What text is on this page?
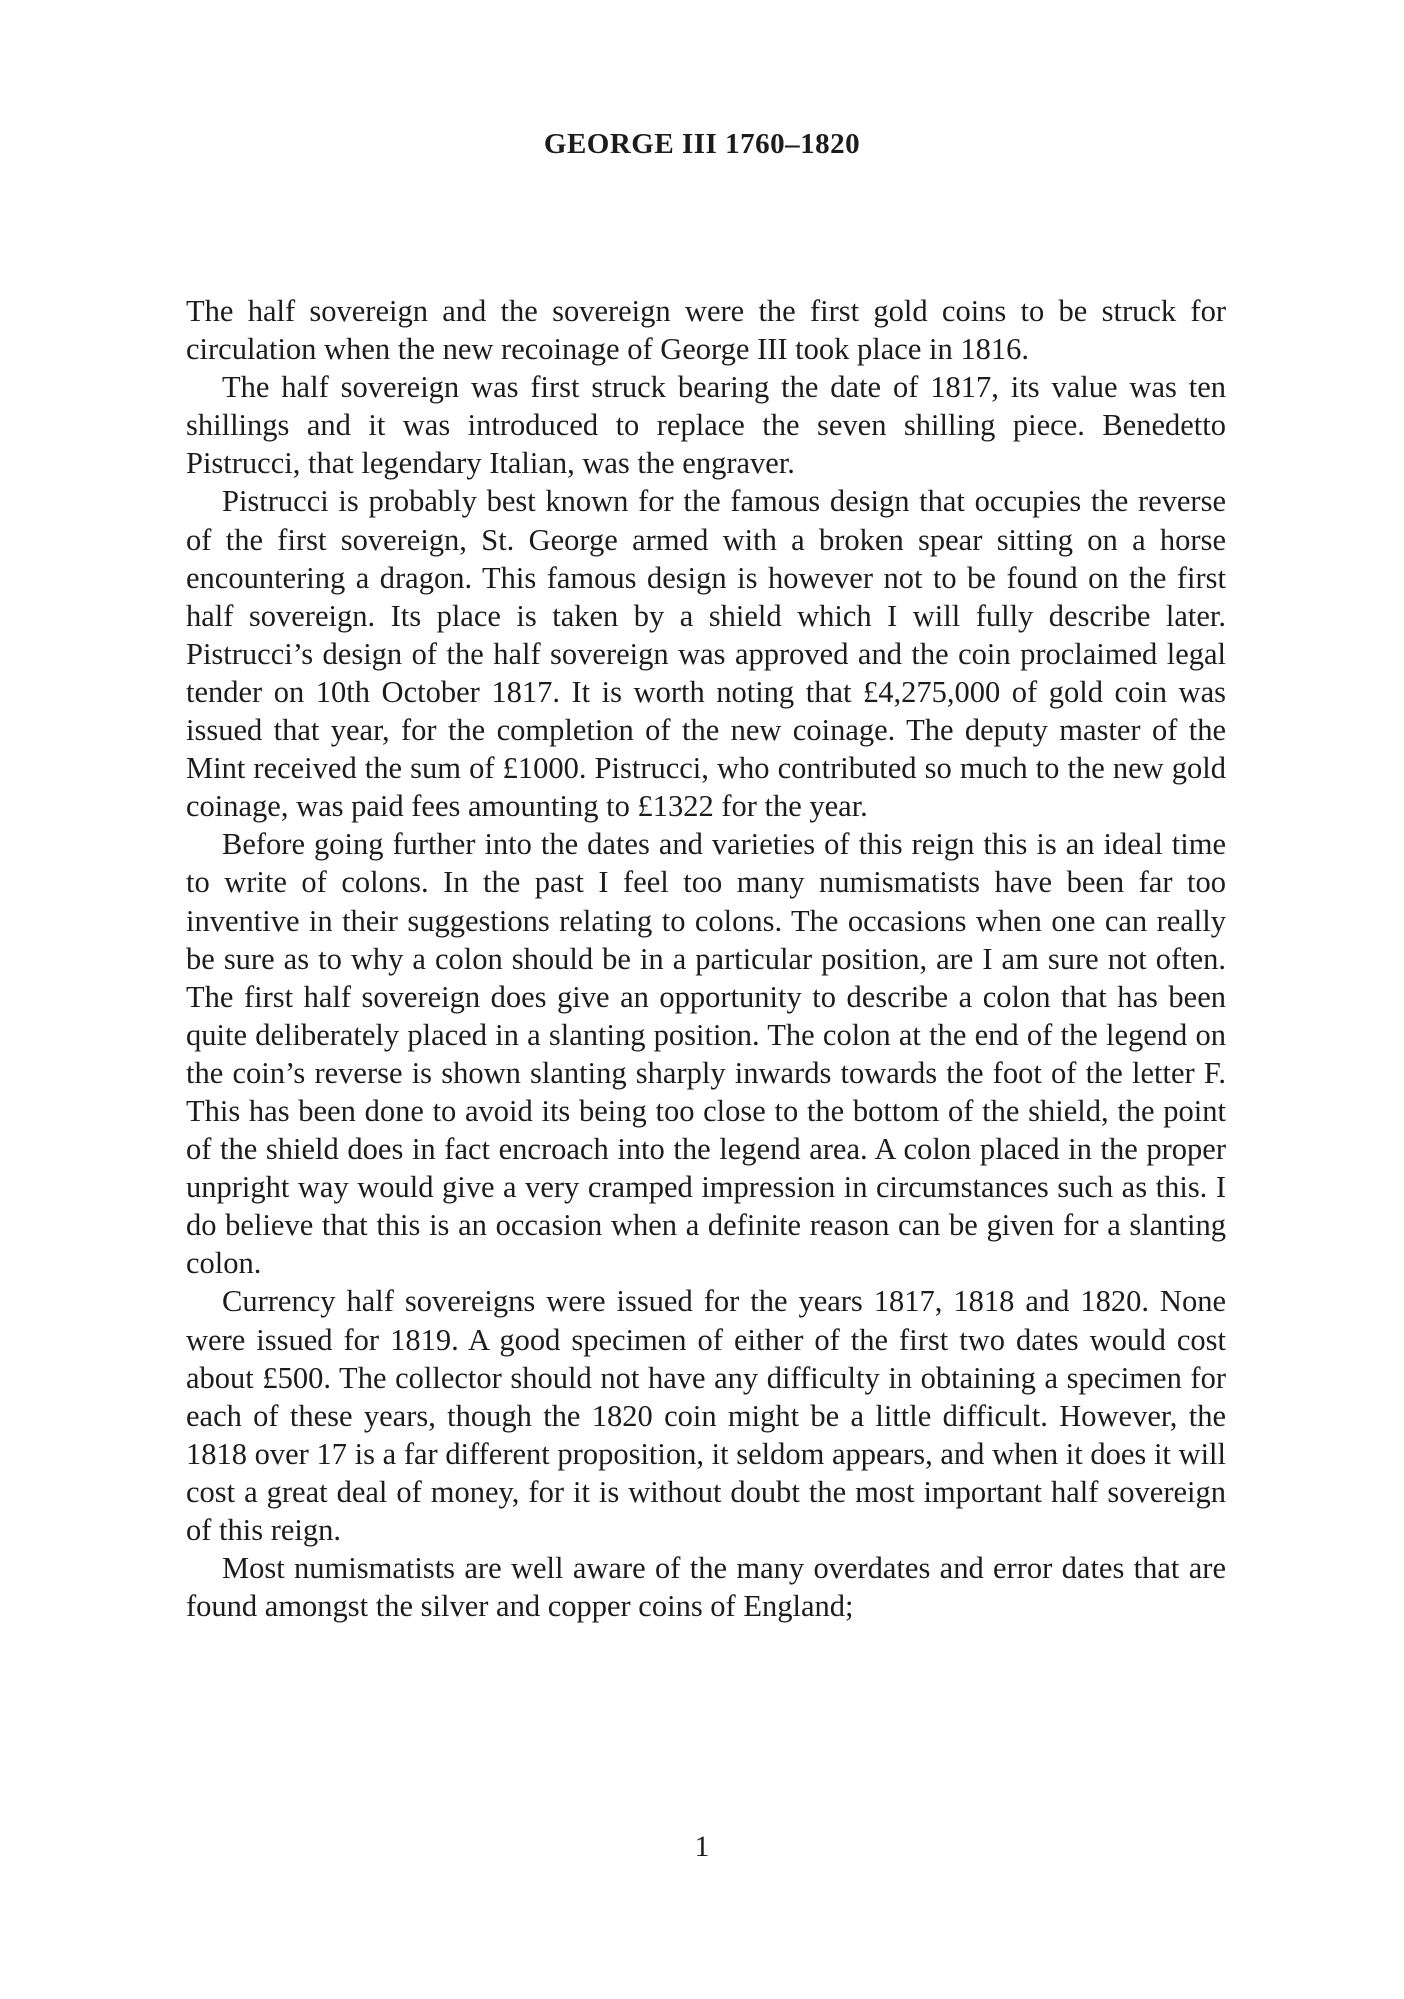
GEORGE III 1760–1820

The half sovereign and the sovereign were the first gold coins to be struck for circulation when the new recoinage of George III took place in 1816.

The half sovereign was first struck bearing the date of 1817, its value was ten shillings and it was introduced to replace the seven shilling piece. Benedetto Pistrucci, that legendary Italian, was the engraver.

Pistrucci is probably best known for the famous design that occupies the reverse of the first sovereign, St. George armed with a broken spear sitting on a horse encountering a dragon. This famous design is however not to be found on the first half sovereign. Its place is taken by a shield which I will fully describe later. Pistrucci’s design of the half sovereign was approved and the coin proclaimed legal tender on 10th October 1817. It is worth noting that £4,275,000 of gold coin was issued that year, for the completion of the new coinage. The deputy master of the Mint received the sum of £1000. Pistrucci, who contributed so much to the new gold coinage, was paid fees amounting to £1322 for the year.

Before going further into the dates and varieties of this reign this is an ideal time to write of colons. In the past I feel too many numismatists have been far too inventive in their suggestions relating to colons. The occasions when one can really be sure as to why a colon should be in a particular position, are I am sure not often. The first half sovereign does give an opportunity to describe a colon that has been quite deliberately placed in a slanting position. The colon at the end of the legend on the coin’s reverse is shown slanting sharply inwards towards the foot of the letter F. This has been done to avoid its being too close to the bottom of the shield, the point of the shield does in fact encroach into the legend area. A colon placed in the proper unpright way would give a very cramped impression in circumstances such as this. I do believe that this is an occasion when a definite reason can be given for a slanting colon.

Currency half sovereigns were issued for the years 1817, 1818 and 1820. None were issued for 1819. A good specimen of either of the first two dates would cost about £500. The collector should not have any difficulty in obtaining a specimen for each of these years, though the 1820 coin might be a little difficult. However, the 1818 over 17 is a far different proposition, it seldom appears, and when it does it will cost a great deal of money, for it is without doubt the most important half sovereign of this reign.

Most numismatists are well aware of the many overdates and error dates that are found amongst the silver and copper coins of England;

1
